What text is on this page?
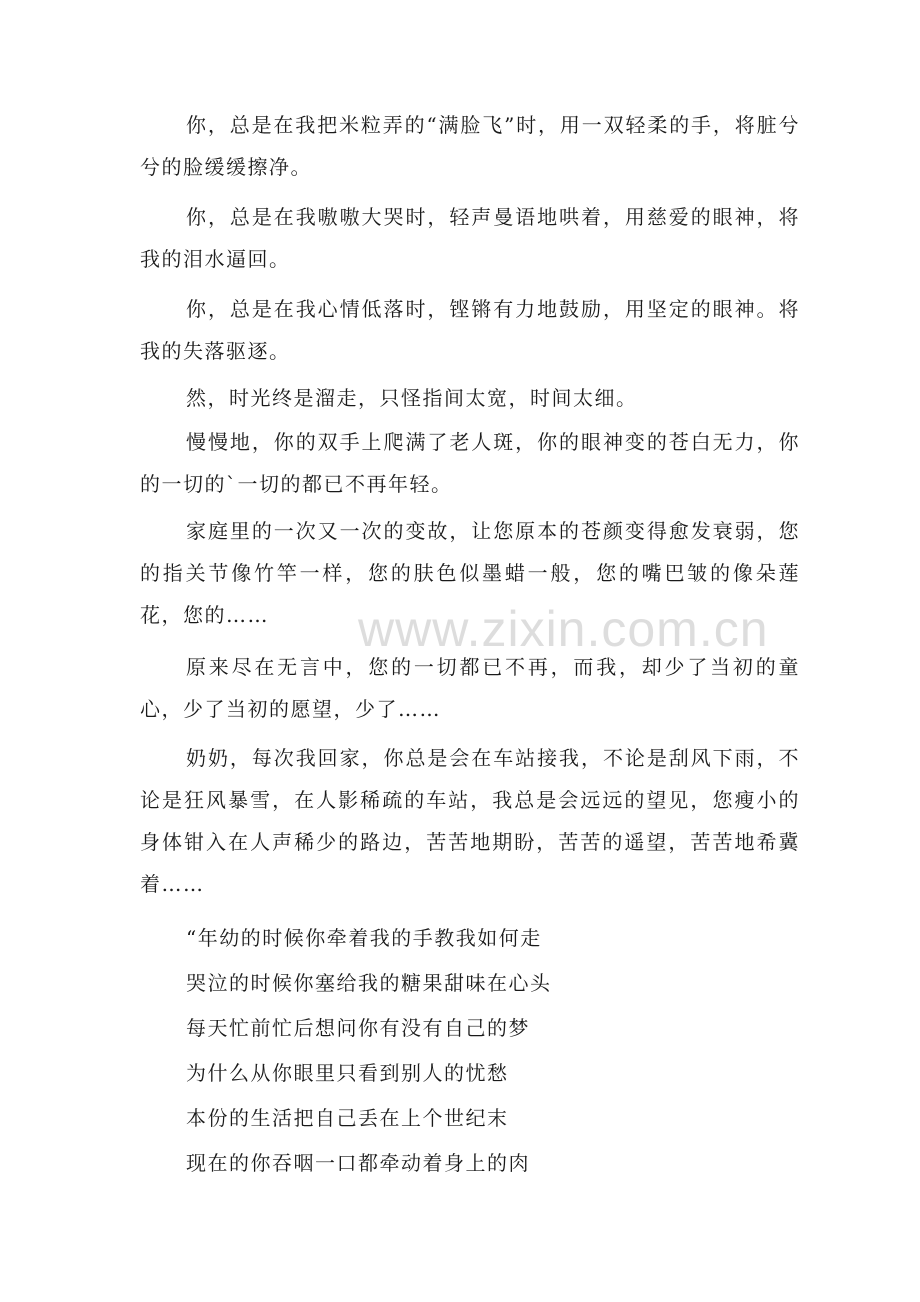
你，总是在我把米粒弄的“满脸飞”时，用一双轻柔的手，将脏兮兮的脸缓缓擦净。

你，总是在我嗷嗷大哭时，轻声曼语地哄着，用慈爱的眼神，将我的泪水逼回。

你，总是在我心情低落时，铿锵有力地鼓励，用坚定的眼神。将我的失落驱逐。

然，时光终是溜走，只怪指间太宽，时间太细。

慢慢地，你的双手上爬满了老人斑，你的眼神变的苍白无力，你的一切的`一切的都已不再年轻。

家庭里的一次又一次的变故，让您原本的苍颜变得愈发衰弱，您的指关节像竹竿一样，您的肤色似墨蜡一般，您的嘴巴皱的像朵莲花，您的……

原来尽在无言中，您的一切都已不再，而我，却少了当初的童心，少了当初的愿望，少了……

奶奶，每次我回家，你总是会在车站接我，不论是刮风下雨，不论是狂风暴雪，在人影稀疏的车站，我总是会远远的望见，您瘦小的身体钳入在人声稀少的路边，苦苦地期盼，苦苦的遥望，苦苦地希冀着……

“年幼的时候你牵着我的手教我如何走

哭泣的时候你塞给我的糖果甜味在心头

每天忙前忙后想问你有没有自己的梦

为什么从你眼里只看到别人的忧愁

本份的生活把自己丢在上个世纪末

现在的你吞咽一口都牵动着身上的肉

www.zixin.com.cn
